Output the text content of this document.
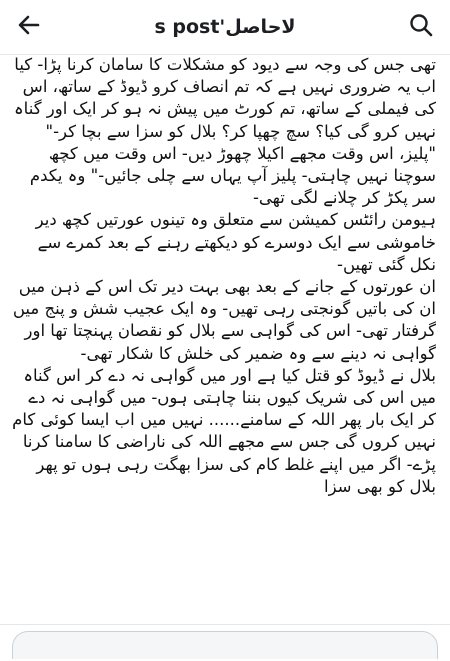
لاحاصل's post

تھی جس کی وجہ سے دیود کو مشکلات کا سامان کرنا پڑا- کیا اب یہ ضروری نہیں ہے کہ تم انصاف کرو ڈیوڈ کے ساتھ، اس کی فیملی کے ساتھ، تم کورٹ میں پیش نہ ہو کر ایک اور گناہ نہیں کرو گی کیا؟ سچ چھپا کر؟ بلال کو سزا سے بچا کر-"

"پلیز، اس وقت مجھے اکیلا چھوڑ دیں- اس وقت میں کچھ سوچنا نہیں چاہتی- پلیز آپ یہاں سے چلی جائیں-" وہ یکدم سر پکڑ کر چلانے لگی تھی-

ہیومن رائٹس کمیشن سے متعلق وہ تینوں عورتیں کچھ دیر خاموشی سے ایک دوسرے کو دیکھتے رہنے کے بعد کمرے سے نکل گئی تھیں-

ان عورتوں کے جانے کے بعد بھی بہت دیر تک اس کے ذہن میں ان کی باتیں گونجتی رہی تھیں- وہ ایک عجیب شش و پنج میں گرفتار تھی- اس کی گواہی سے بلال کو نقصان پہنچتا تھا اور گواہی نہ دینے سے وہ ضمیر کی خلش کا شکار تھی-

بلال نے ڈیوڈ کو قتل کیا ہے اور میں گواہی نہ دے کر اس گناہ میں اس کی شریک کیوں بننا چاہتی ہوں- میں گواہی نہ دے کر ایک بار پھر اللہ کے سامنے...... نہیں میں اب ایسا کوئی کام نہیں کروں گی جس سے مجھے اللہ کی ناراضی کا سامنا کرنا پڑے- اگر میں اپنے غلط کام کی سزا بھگت رہی ہوں تو پھر بلال کو بھی سزا
